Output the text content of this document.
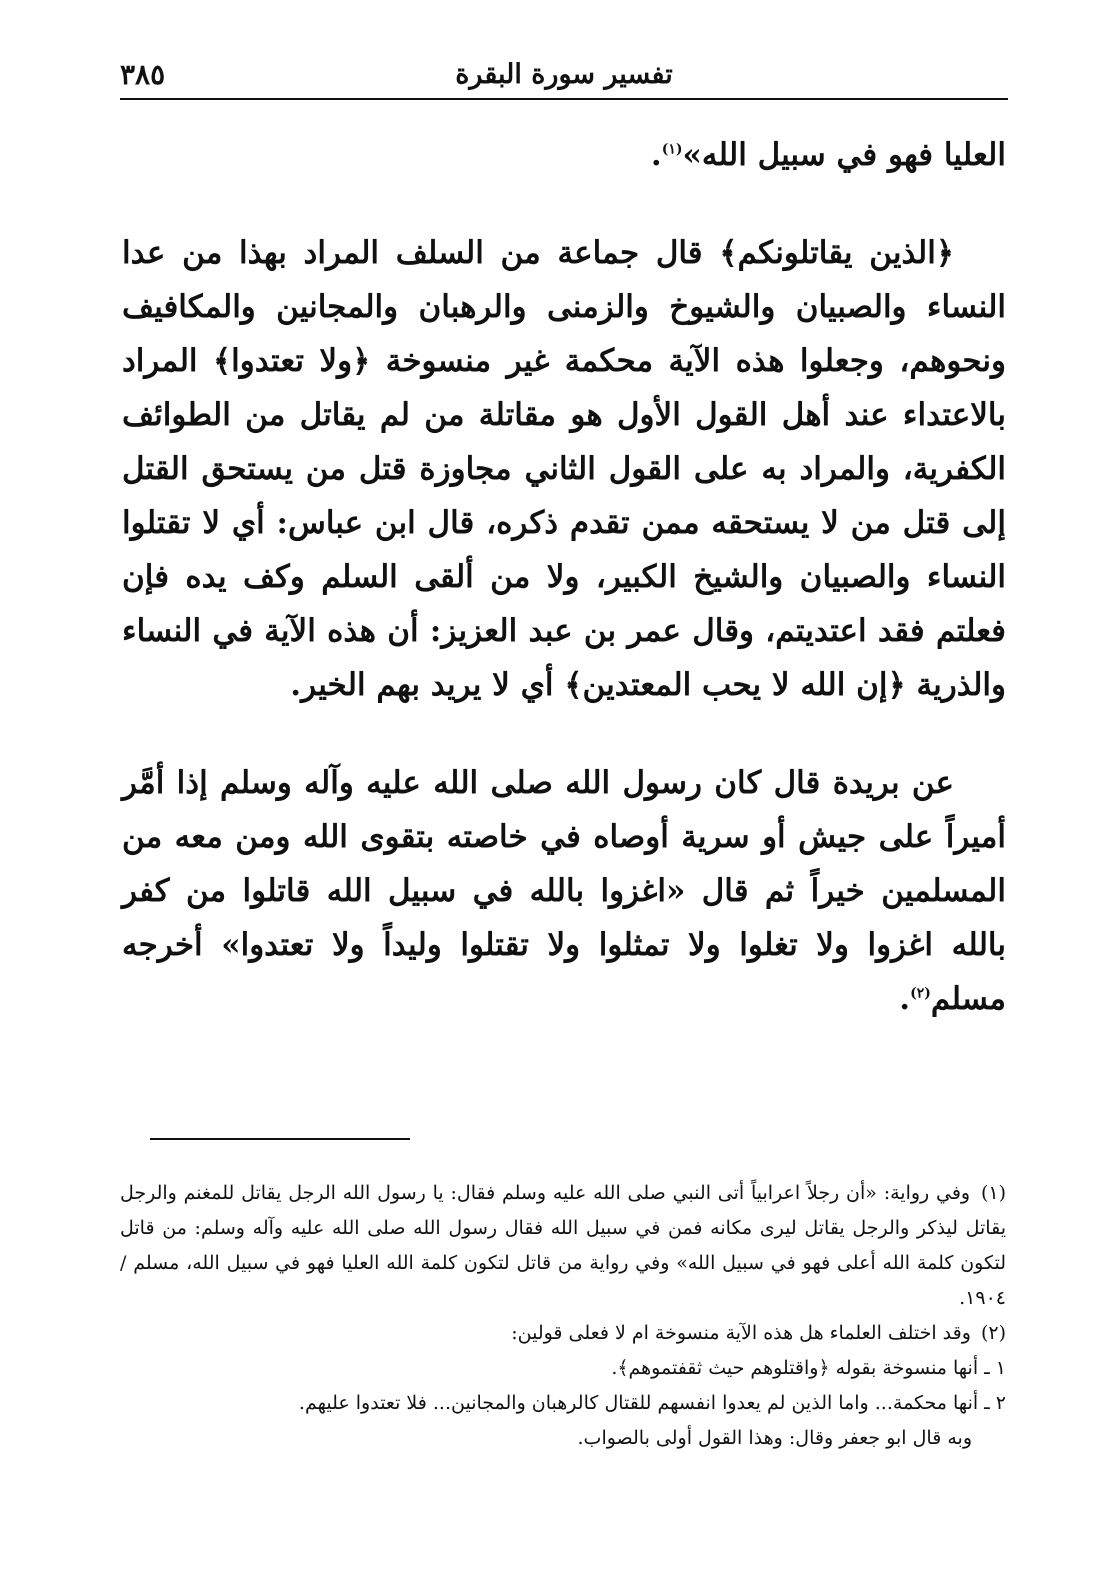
تفسير سورة البقرة
٣٨٥

العليا فهو في سبيل الله»$^{(١)}$.

﴿الذين يقاتلونكم﴾ قال جماعة من السلف المراد بهذا من عدا النساء والصبيان والشيوخ والزمنى والرهبان والمجانين والمكافيف ونحوهم، وجعلوا هذه الآية محكمة غير منسوخة ﴿ولا تعتدوا﴾ المراد بالاعتداء عند أهل القول الأول هو مقاتلة من لم يقاتل من الطوائف الكفرية، والمراد به على القول الثاني مجاوزة قتل من يستحق القتل إلى قتل من لا يستحقه ممن تقدم ذكره، قال ابن عباس: أي لا تقتلوا النساء والصبيان والشيخ الكبير، ولا من ألقى السلم وكف يده فإن فعلتم فقد اعتديتم، وقال عمر بن عبد العزيز: أن هذه الآية في النساء والذرية ﴿إن الله لا يحب المعتدين﴾ أي لا يريد بهم الخير.

عن بريدة قال كان رسول الله صلى الله عليه وآله وسلم إذا أمَّر أميراً على جيش أو سرية أوصاه في خاصته بتقوى الله ومن معه من المسلمين خيراً ثم قال «اغزوا بالله في سبيل الله قاتلوا من كفر بالله اغزوا ولا تغلوا ولا تمثلوا ولا تقتلوا وليداً ولا تعتدوا» أخرجه مسلم$^{(٢)}$.

(١) وفي رواية: «أن رجلاً اعرابياً أتى النبي صلى الله عليه وسلم فقال: يا رسول الله الرجل يقاتل للمغنم والرجل يقاتل ليذكر والرجل يقاتل ليرى مكانه فمن في سبيل الله فقال رسول الله صلى الله عليه وآله وسلم: من قاتل لتكون كلمة الله أعلى فهو في سبيل الله» وفي رواية من قاتل لتكون كلمة الله العليا فهو في سبيل الله، مسلم / ١٩٠٤.

(٢) وقد اختلف العلماء هل هذه الآية منسوخة ام لا فعلى قولين:

١ ـ أنها منسوخة بقوله ﴿واقتلوهم حيث ثقفتموهم﴾.

٢ ـ أنها محكمة... واما الذين لم يعدوا انفسهم للقتال كالرهبان والمجانين... فلا تعتدوا عليهم.

وبه قال ابو جعفر وقال: وهذا القول أولى بالصواب.
